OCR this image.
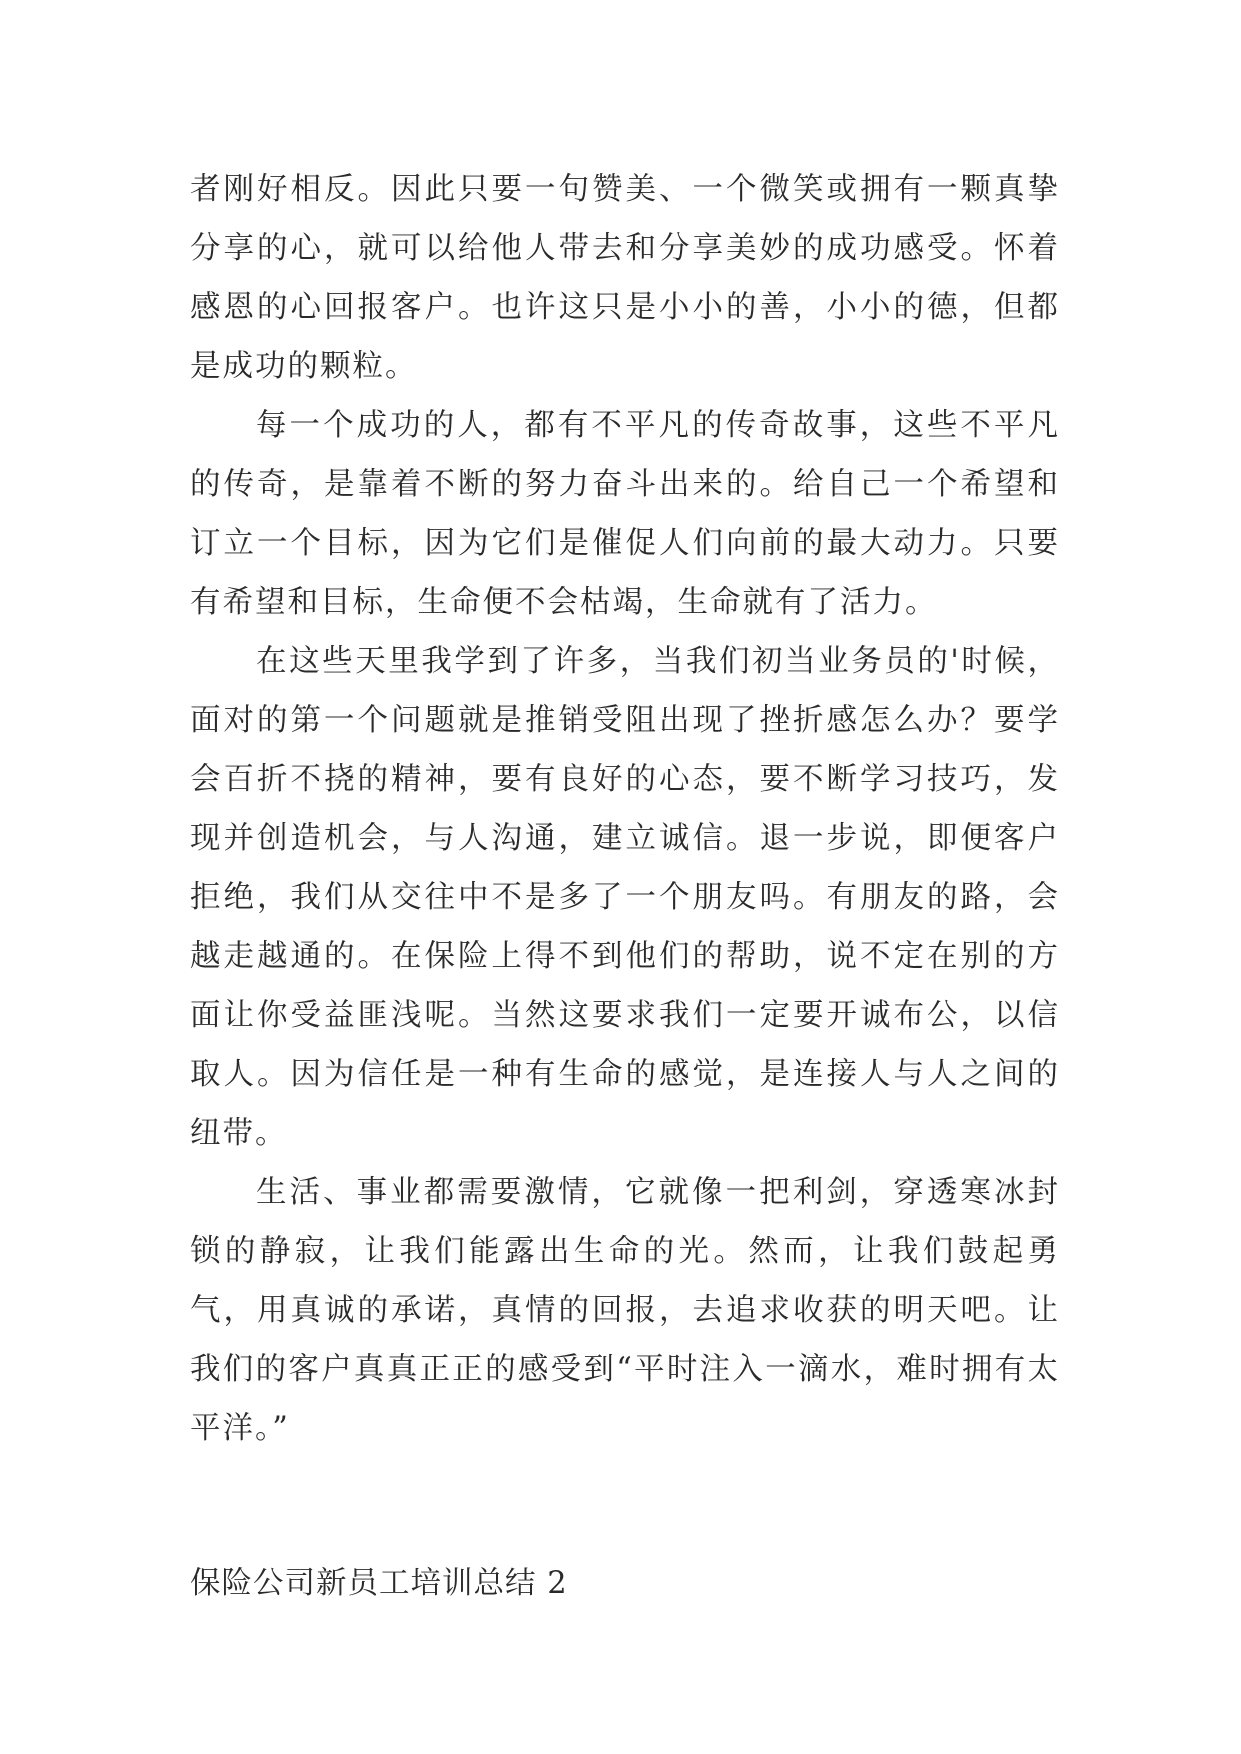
者刚好相反。因此只要一句赞美、一个微笑或拥有一颗真挚分享的心，就可以给他人带去和分享美妙的成功感受。怀着感恩的心回报客户。也许这只是小小的善，小小的德，但都是成功的颗粒。

每一个成功的人，都有不平凡的传奇故事，这些不平凡的传奇，是靠着不断的努力奋斗出来的。给自己一个希望和订立一个目标，因为它们是催促人们向前的最大动力。只要有希望和目标，生命便不会枯竭，生命就有了活力。

在这些天里我学到了许多，当我们初当业务员的'时候，面对的第一个问题就是推销受阻出现了挫折感怎么办？要学会百折不挠的精神，要有良好的心态，要不断学习技巧，发现并创造机会，与人沟通，建立诚信。退一步说，即便客户拒绝，我们从交往中不是多了一个朋友吗。有朋友的路，会越走越通的。在保险上得不到他们的帮助，说不定在别的方面让你受益匪浅呢。当然这要求我们一定要开诚布公，以信取人。因为信任是一种有生命的感觉，是连接人与人之间的纽带。

生活、事业都需要激情，它就像一把利剑，穿透寒冰封锁的静寂，让我们能露出生命的光。然而，让我们鼓起勇气，用真诚的承诺，真情的回报，去追求收获的明天吧。让我们的客户真真正正的感受到“平时注入一滴水，难时拥有太平洋。”

保险公司新员工培训总结 2
